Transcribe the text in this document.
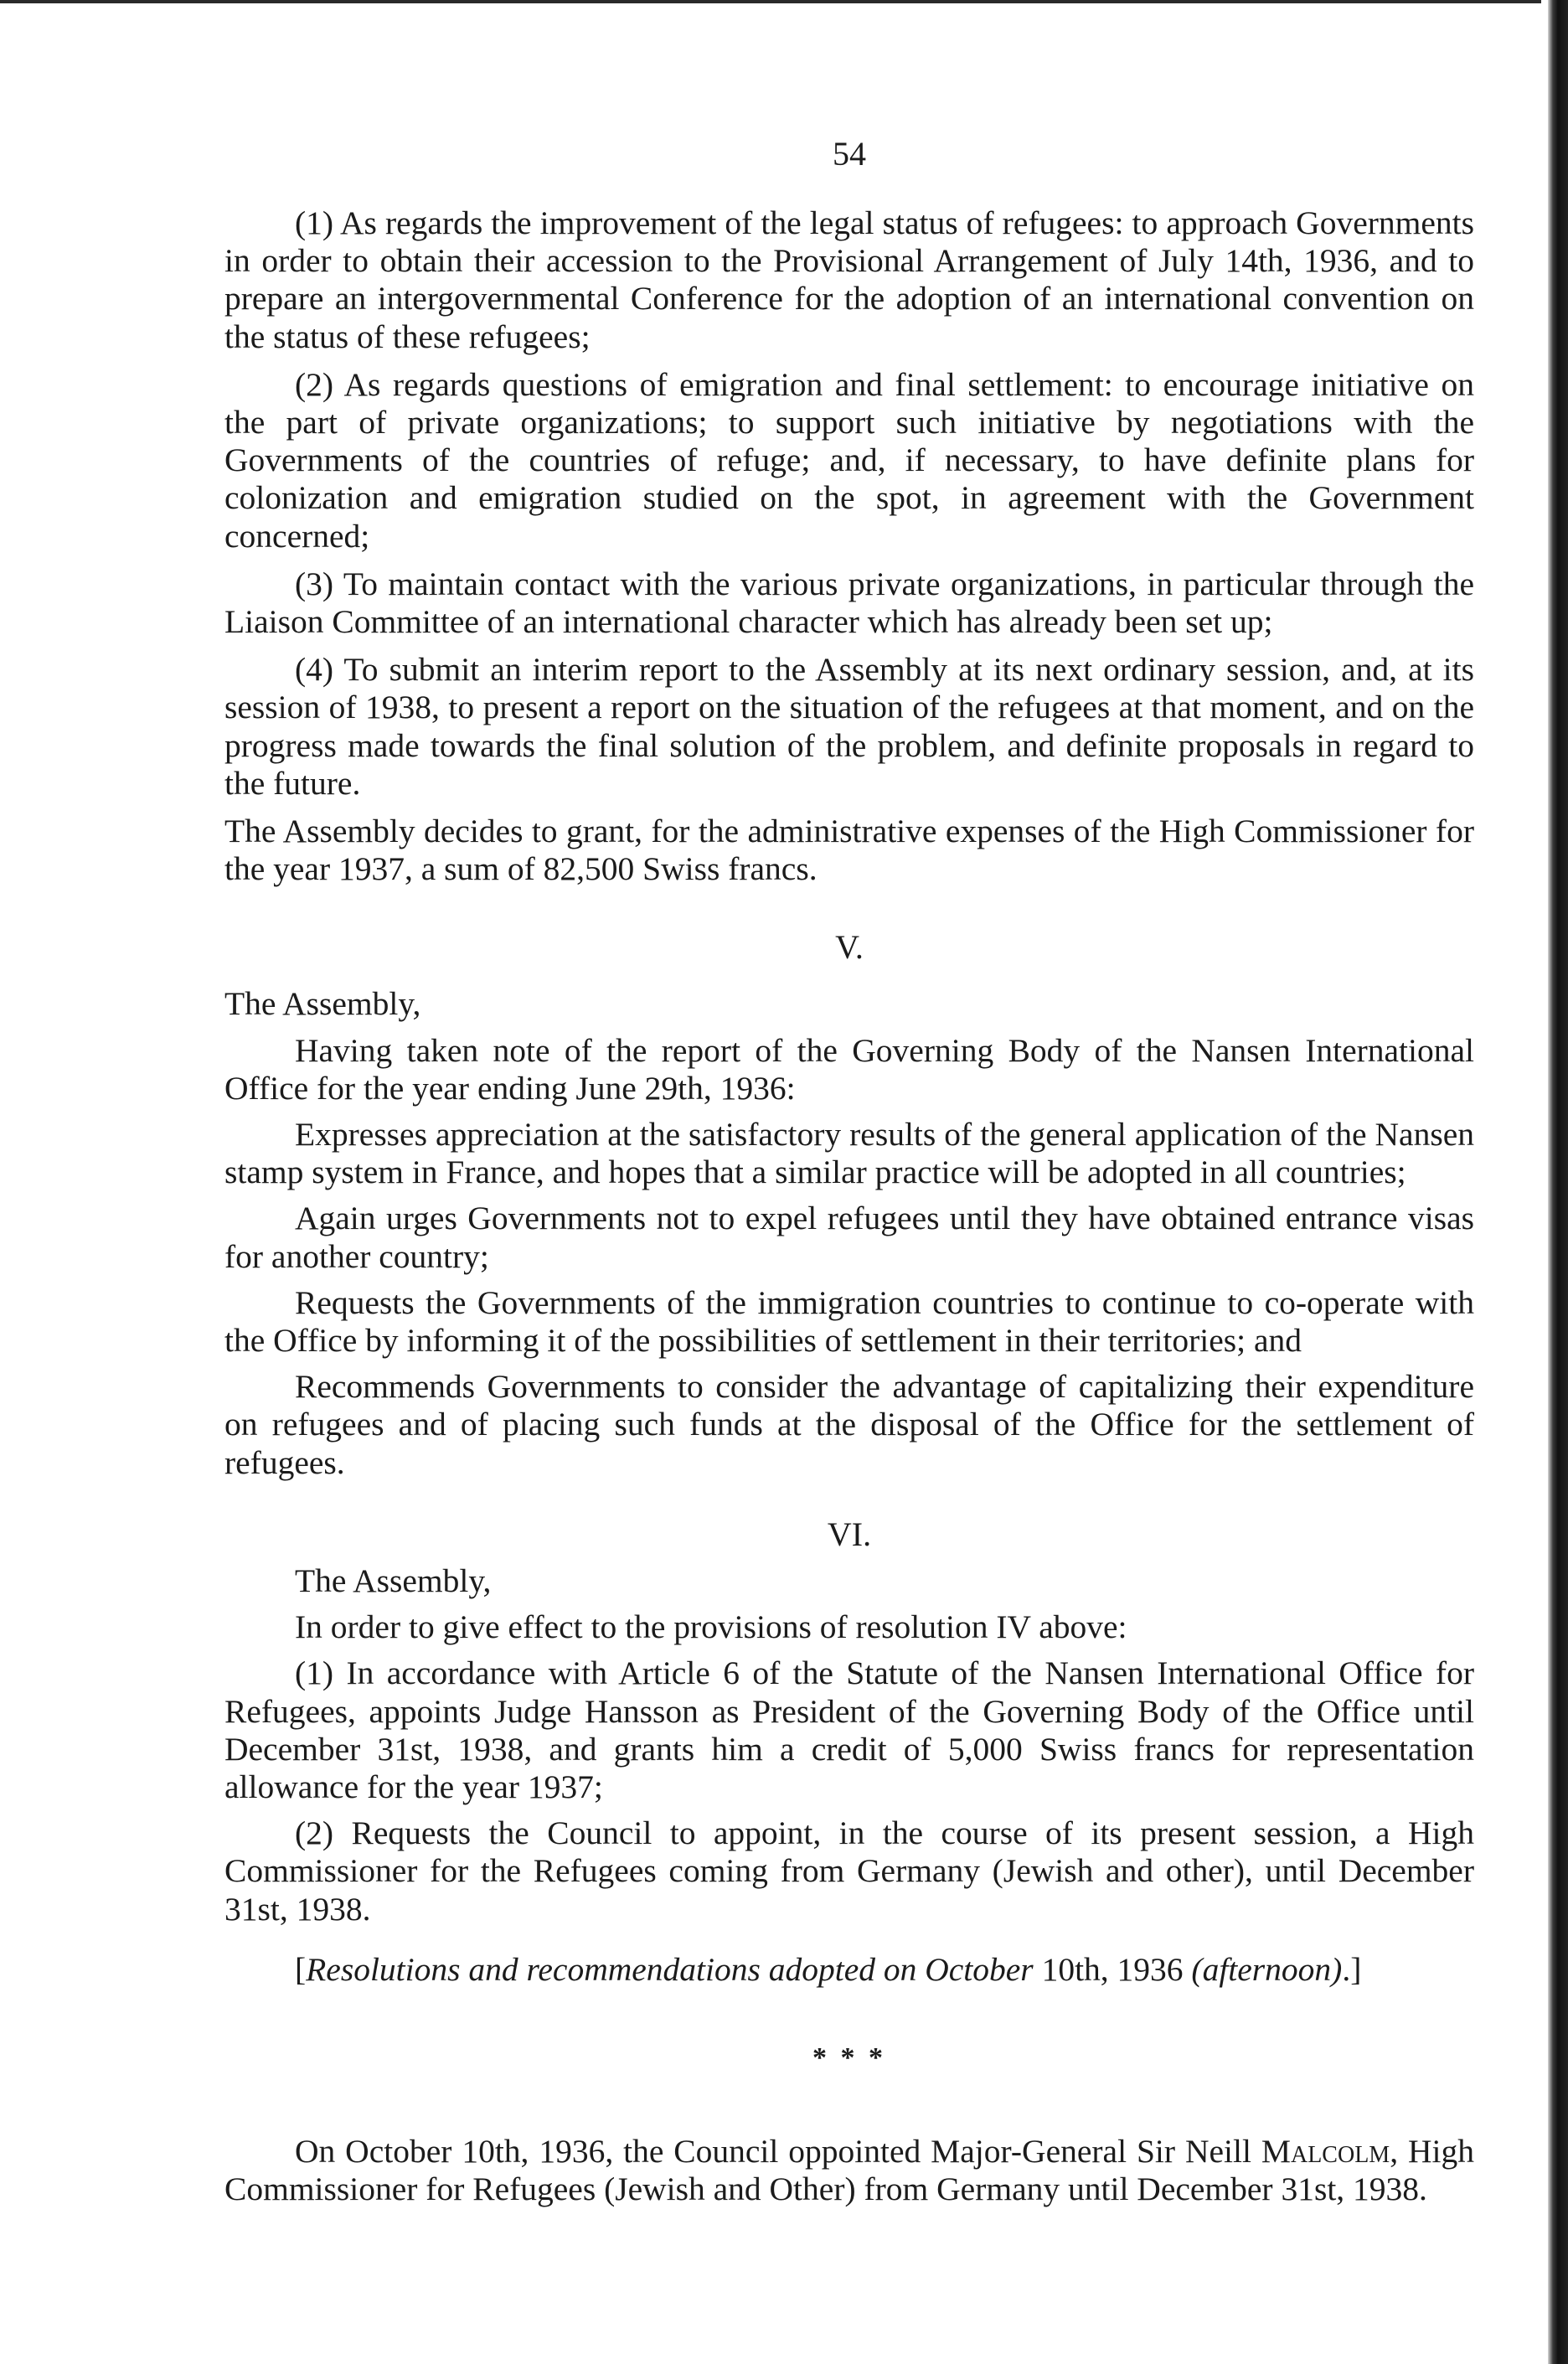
54

(1) As regards the improvement of the legal status of refugees: to approach Governments in order to obtain their accession to the Provisional Arrangement of July 14th, 1936, and to prepare an intergovernmental Conference for the adoption of an international convention on the status of these refugees;

(2) As regards questions of emigration and final settlement: to encourage initiative on the part of private organizations; to support such initiative by negotiations with the Governments of the countries of refuge; and, if necessary, to have definite plans for colonization and emigration studied on the spot, in agreement with the Government concerned;

(3) To maintain contact with the various private organizations, in particular through the Liaison Committee of an international character which has already been set up;

(4) To submit an interim report to the Assembly at its next ordinary session, and, at its session of 1938, to present a report on the situation of the refugees at that moment, and on the progress made towards the final solution of the problem, and definite proposals in regard to the future.

The Assembly decides to grant, for the administrative expenses of the High Commissioner for the year 1937, a sum of 82,500 Swiss francs.

V.

The Assembly,

Having taken note of the report of the Governing Body of the Nansen International Office for the year ending June 29th, 1936:

Expresses appreciation at the satisfactory results of the general application of the Nansen stamp system in France, and hopes that a similar practice will be adopted in all countries;

Again urges Governments not to expel refugees until they have obtained entrance visas for another country;

Requests the Governments of the immigration countries to continue to co-operate with the Office by informing it of the possibilities of settlement in their territories; and

Recommends Governments to consider the advantage of capitalizing their expenditure on refugees and of placing such funds at the disposal of the Office for the settlement of refugees.

VI.

The Assembly,

In order to give effect to the provisions of resolution IV above:

(1) In accordance with Article 6 of the Statute of the Nansen International Office for Refugees, appoints Judge Hansson as President of the Governing Body of the Office until December 31st, 1938, and grants him a credit of 5,000 Swiss francs for representation allowance for the year 1937;

(2) Requests the Council to appoint, in the course of its present session, a High Commissioner for the Refugees coming from Germany (Jewish and other), until December 31st, 1938.

[Resolutions and recommendations adopted on October 10th, 1936 (afternoon).]

* * *

On October 10th, 1936, the Council oppointed Major-General Sir Neill Malcolm, High Commissioner for Refugees (Jewish and Other) from Germany until December 31st, 1938.
